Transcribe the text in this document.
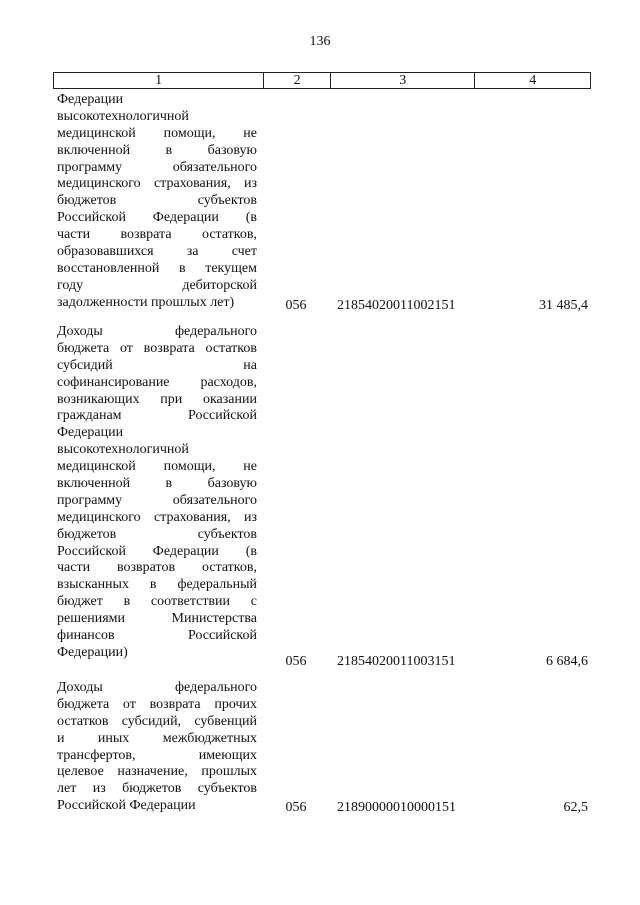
136
1	2	3	4
Федерации
высокотехнологичной
медицинской помощи, не
включенной в базовую
программу обязательного
медицинского страхования, из
бюджетов субъектов
Российской Федерации (в
части возврата остатков,
образовавшихся за счет
восстановленной в текущем
году дебиторской
задолженности прошлых лет)	056 21854020011002151	31 485,4
Доходы федерального
бюджета от возврата остатков
субсидий на
софинансирование расходов,
возникающих при оказании
гражданам Российской
Федерации
высокотехнологичной
медицинской помощи, не
включенной в базовую
программу обязательного
медицинского страхования, из
бюджетов субъектов
Российской Федерации (в
части возвратов остатков,
взысканных в федеральный
бюджет в соответствии с
решениями Министерства
финансов Российской
Федерации)
056 21854020011003151	6 684,6
Доходы федерального
бюджета от возврата прочих
остатков субсидий, субвенций
и иных межбюджетных
трансфертов, имеющих
целевое назначение, прошлых
лет из бюджетов субъектов
Российской Федерации	056 21890000010000151	62,5
